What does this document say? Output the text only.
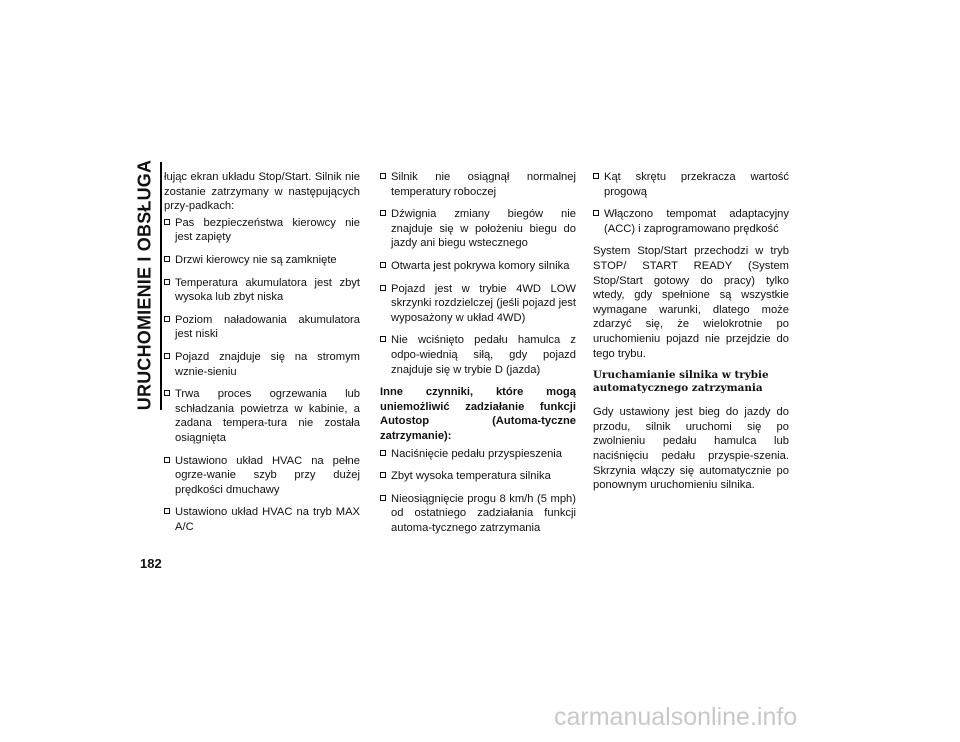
URUCHOMIENIE I OBSŁUGA
182

łując ekran układu Stop/Start. Silnik nie zostanie zatrzymany w następujących przy-padkach:

Pas bezpieczeństwa kierowcy nie jest zapięty
Drzwi kierowcy nie są zamknięte
Temperatura akumulatora jest zbyt wysoka lub zbyt niska
Poziom naładowania akumulatora jest niski
Pojazd znajduje się na stromym wznie-sieniu
Trwa proces ogrzewania lub schładzania powietrza w kabinie, a zadana tempera-tura nie została osiągnięta
Ustawiono układ HVAC na pełne ogrze-wanie szyb przy dużej prędkości dmuchawy
Ustawiono układ HVAC na tryb MAX A/C
Silnik nie osiągnął normalnej temperatury roboczej
Dźwignia zmiany biegów nie znajduje się w położeniu biegu do jazdy ani biegu wstecznego
Otwarta jest pokrywa komory silnika
Pojazd jest w trybie 4WD LOW skrzynki rozdzielczej (jeśli pojazd jest wyposażony w układ 4WD)
Nie wciśnięto pedału hamulca z odpo-wiednią siłą, gdy pojazd znajduje się w trybie D (jazda)

Inne czynniki, które mogą uniemożliwić zadziałanie funkcji Autostop (Automa-tyczne zatrzymanie):

Naciśnięcie pedału przyspieszenia
Zbyt wysoka temperatura silnika
Nieosiągnięcie progu 8 km/h (5 mph) od ostatniego zadziałania funkcji automa-tycznego zatrzymania
Kąt skrętu przekracza wartość progową
Włączono tempomat adaptacyjny (ACC) i zaprogramowano prędkość

System Stop/Start przechodzi w tryb STOP/ START READY (System Stop/Start gotowy do pracy) tylko wtedy, gdy spełnione są wszystkie wymagane warunki, dlatego może zdarzyć się, że wielokrotnie po uruchomieniu pojazd nie przejdzie do tego trybu.

Uruchamianie silnika w trybie automatycznego zatrzymania

Gdy ustawiony jest bieg do jazdy do przodu, silnik uruchomi się po zwolnieniu pedału hamulca lub naciśnięciu pedału przyspie-szenia. Skrzynia włączy się automatycznie po ponownym uruchomieniu silnika.

carmanualsonline.info
